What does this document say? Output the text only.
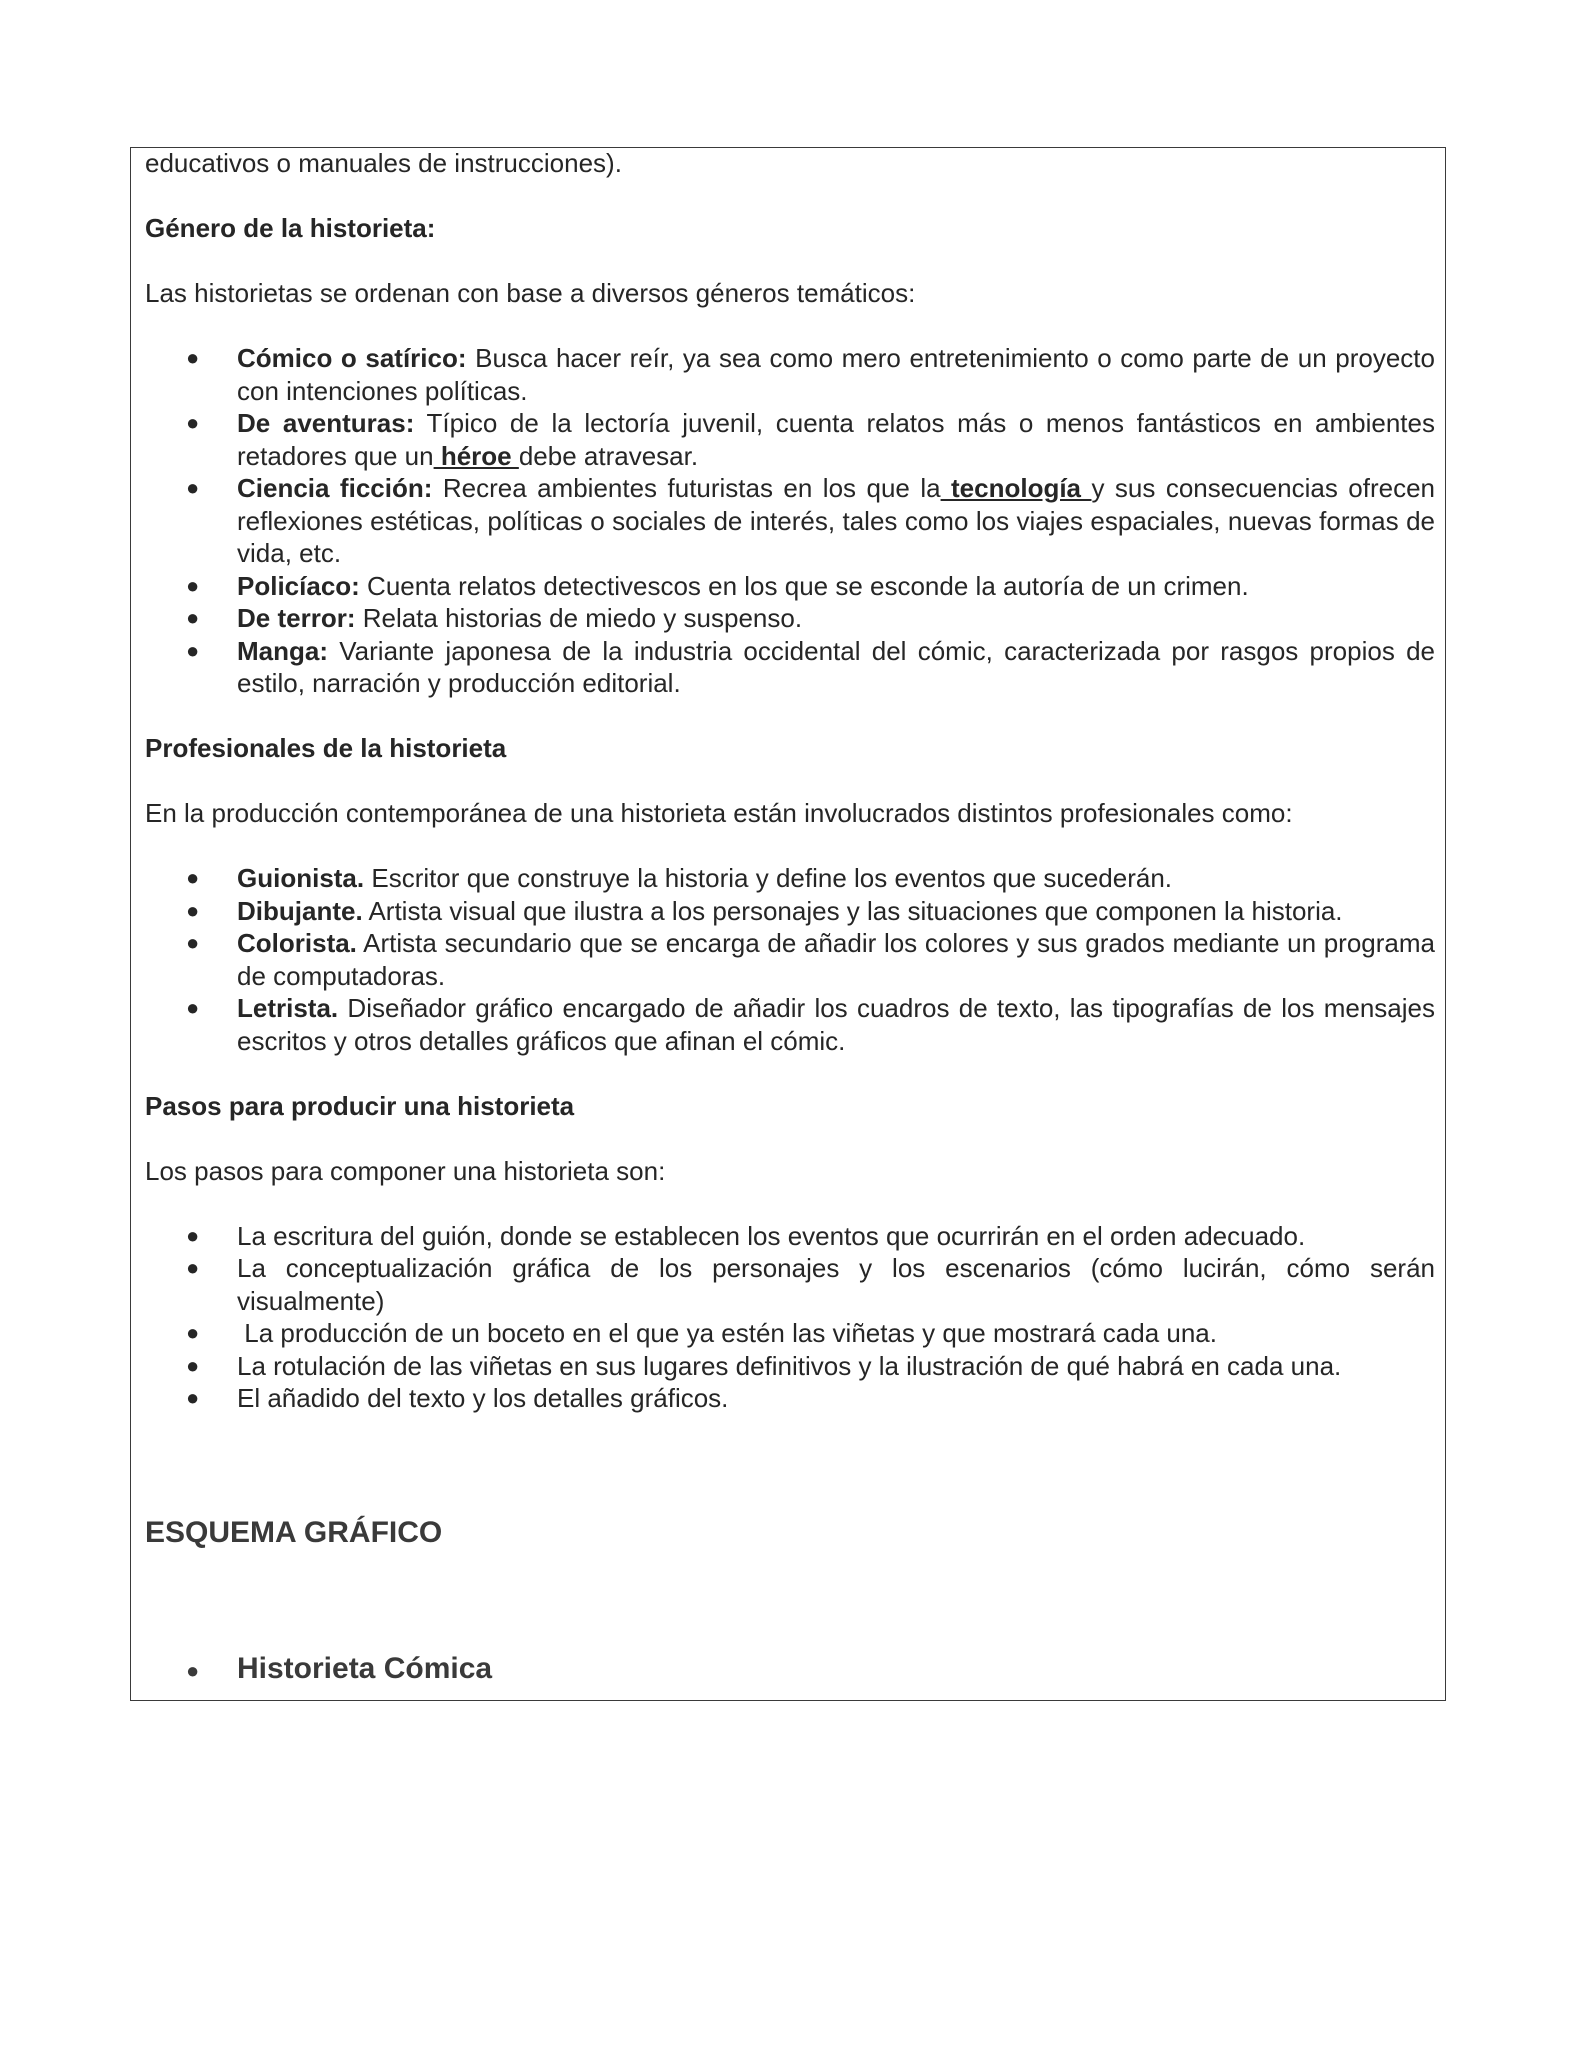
educativos o manuales de instrucciones).

Género de la historieta:

Las historietas se ordenan con base a diversos géneros temáticos:

● Cómico o satírico: Busca hacer reír, ya sea como mero entretenimiento o como parte de un proyecto con intenciones políticas.
● De aventuras: Típico de la lectoría juvenil, cuenta relatos más o menos fantásticos en ambientes retadores que un héroe debe atravesar.
● Ciencia ficción: Recrea ambientes futuristas en los que la tecnología y sus consecuencias ofrecen reflexiones estéticas, políticas o sociales de interés, tales como los viajes espaciales, nuevas formas de vida, etc.
● Policíaco: Cuenta relatos detectivescos en los que se esconde la autoría de un crimen.
● De terror: Relata historias de miedo y suspenso.
● Manga: Variante japonesa de la industria occidental del cómic, caracterizada por rasgos propios de estilo, narración y producción editorial.

Profesionales de la historieta

En la producción contemporánea de una historieta están involucrados distintos profesionales como:

● Guionista. Escritor que construye la historia y define los eventos que sucederán.
● Dibujante. Artista visual que ilustra a los personajes y las situaciones que componen la historia.
● Colorista. Artista secundario que se encarga de añadir los colores y sus grados mediante un programa de computadoras.
● Letrista. Diseñador gráfico encargado de añadir los cuadros de texto, las tipografías de los mensajes escritos y otros detalles gráficos que afinan el cómic.

Pasos para producir una historieta

Los pasos para componer una historieta son:

● La escritura del guión, donde se establecen los eventos que ocurrirán en el orden adecuado.
● La conceptualización gráfica de los personajes y los escenarios (cómo lucirán, cómo serán visualmente)
● La producción de un boceto en el que ya estén las viñetas y que mostrará cada una.
● La rotulación de las viñetas en sus lugares definitivos y la ilustración de qué habrá en cada una.
● El añadido del texto y los detalles gráficos.

ESQUEMA GRÁFICO

● Historieta Cómica
